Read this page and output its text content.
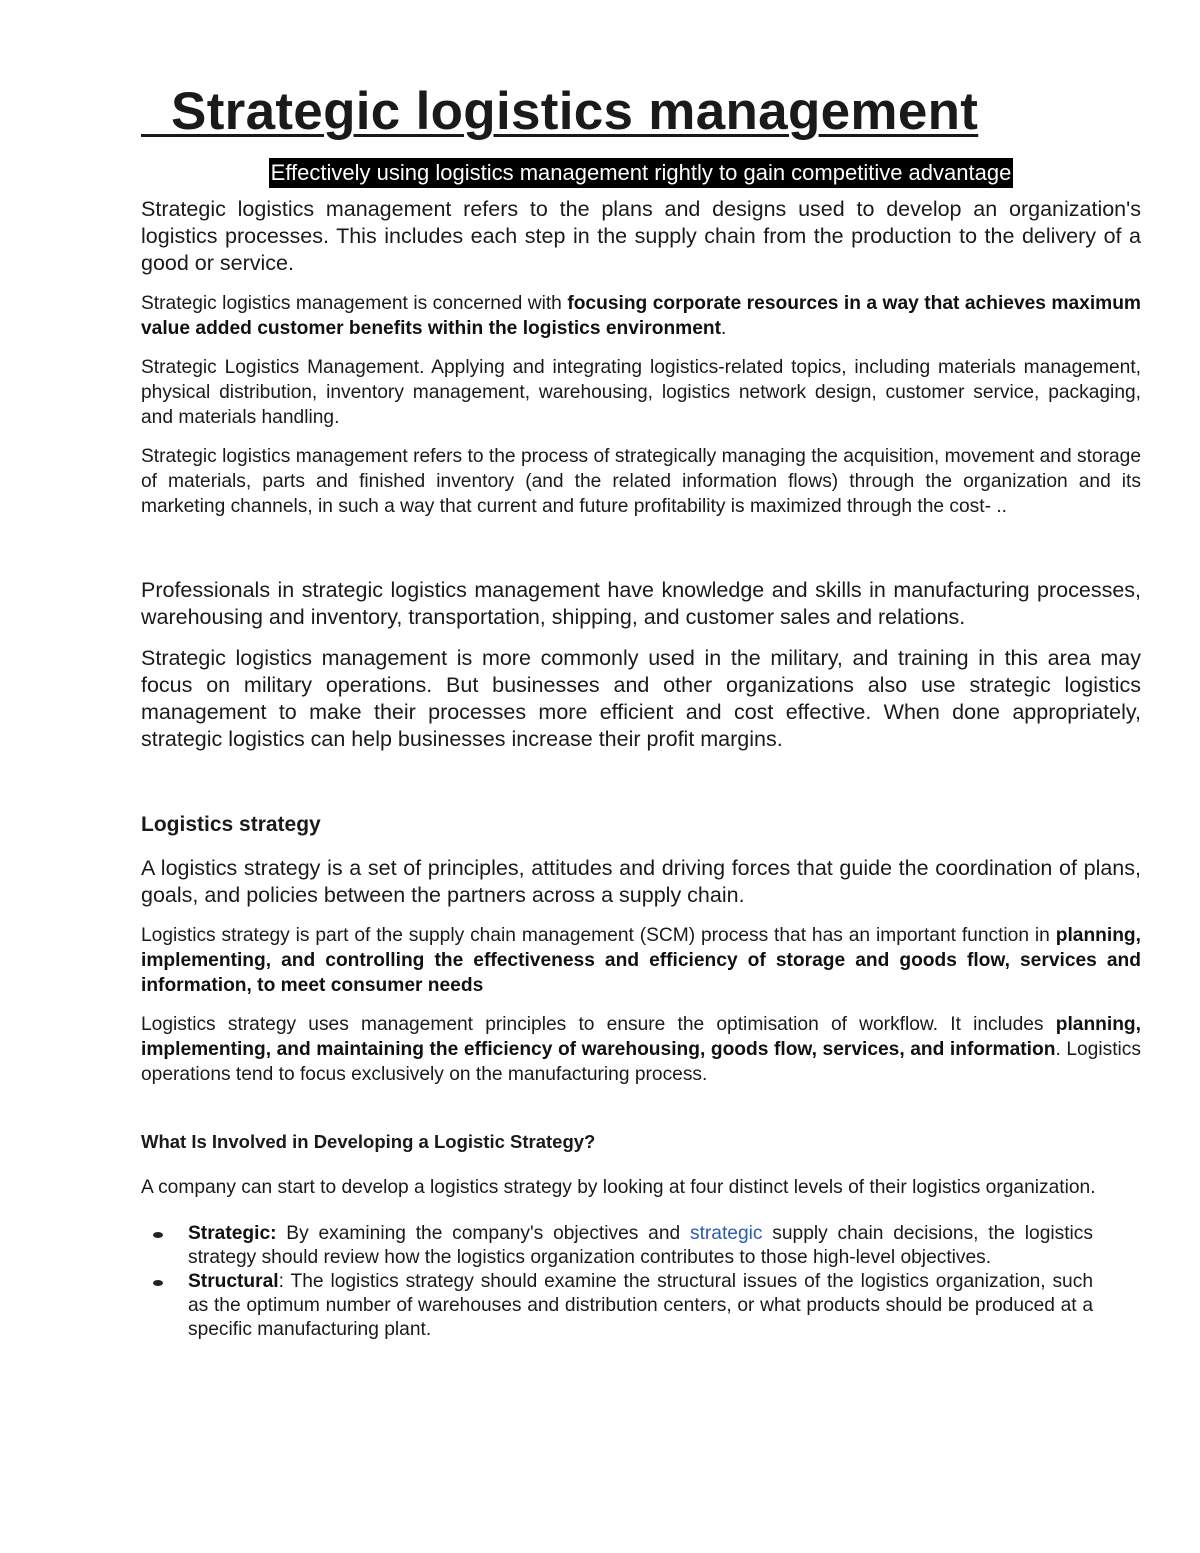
Strategic logistics management
Effectively using logistics management rightly to gain competitive advantage

Strategic logistics management refers to the plans and designs used to develop an organization's logistics processes. This includes each step in the supply chain from the production to the delivery of a good or service.

Strategic logistics management is concerned with focusing corporate resources in a way that achieves maximum value added customer benefits within the logistics environment.

Strategic Logistics Management. Applying and integrating logistics-related topics, including materials management, physical distribution, inventory management, warehousing, logistics network design, customer service, packaging, and materials handling.

Strategic logistics management refers to the process of strategically managing the acquisition, movement and storage of materials, parts and finished inventory (and the related information flows) through the organization and its marketing channels, in such a way that current and future profitability is maximized through the cost- ..

Professionals in strategic logistics management have knowledge and skills in manufacturing processes, warehousing and inventory, transportation, shipping, and customer sales and relations.

Strategic logistics management is more commonly used in the military, and training in this area may focus on military operations. But businesses and other organizations also use strategic logistics management to make their processes more efficient and cost effective. When done appropriately, strategic logistics can help businesses increase their profit margins.

Logistics strategy

A logistics strategy is a set of principles, attitudes and driving forces that guide the coordination of plans, goals, and policies between the partners across a supply chain.

Logistics strategy is part of the supply chain management (SCM) process that has an important function in planning, implementing, and controlling the effectiveness and efficiency of storage and goods flow, services and information, to meet consumer needs

Logistics strategy uses management principles to ensure the optimisation of workflow. It includes planning, implementing, and maintaining the efficiency of warehousing, goods flow, services, and information. Logistics operations tend to focus exclusively on the manufacturing process.

What Is Involved in Developing a Logistic Strategy?

A company can start to develop a logistics strategy by looking at four distinct levels of their logistics organization.

Strategic: By examining the company's objectives and strategic supply chain decisions, the logistics strategy should review how the logistics organization contributes to those high-level objectives.
Structural: The logistics strategy should examine the structural issues of the logistics organization, such as the optimum number of warehouses and distribution centers, or what products should be produced at a specific manufacturing plant.
